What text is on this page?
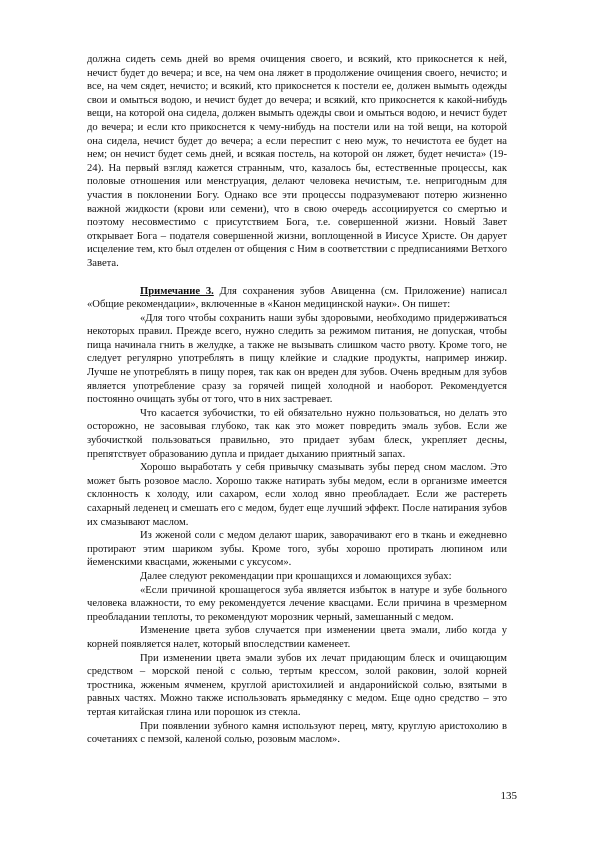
должна сидеть семь дней во время очищения своего, и всякий, кто прикоснется к ней, нечист будет до вечера; и все, на чем она ляжет в продолжение очищения своего, нечисто; и все, на чем сядет, нечисто; и всякий, кто прикоснется к постели ее, должен вымыть одежды свои и омыться водою, и нечист будет до вечера; и всякий, кто прикоснется к какой-нибудь вещи, на которой она сидела, должен вымыть одежды свои и омыться водою, и нечист будет до вечера; и если кто прикоснется к чему-нибудь на постели или на той вещи, на которой она сидела, нечист будет до вечера; а если переспит с нею муж, то нечистота ее будет на нем; он нечист будет семь дней, и всякая постель, на которой он ляжет, будет нечиста» (19-24). На первый взгляд кажется странным, что, казалось бы, естественные процессы, как половые отношения или менструация, делают человека нечистым, т.е. непригодным для участия в поклонении Богу. Однако все эти процессы подразумевают потерю жизненно важной жидкости (крови или семени), что в свою очередь ассоциируется со смертью и поэтому несовместимо с присутствием Бога, т.е. совершенной жизни. Новый Завет открывает Бога – подателя совершенной жизни, воплощенной в Иисусе Христе. Он дарует исцеление тем, кто был отделен от общения с Ним в соответствии с предписаниями Ветхого Завета.

Примечание 3. Для сохранения зубов Авиценна (см. Приложение) написал «Общие рекомендации», включенные в «Канон медицинской науки». Он пишет:

«Для того чтобы сохранить наши зубы здоровыми, необходимо придерживаться некоторых правил. Прежде всего, нужно следить за режимом питания, не допуская, чтобы пища начинала гнить в желудке, а также не вызывать слишком часто рвоту. Кроме того, не следует регулярно употреблять в пищу клейкие и сладкие продукты, например инжир. Лучше не употреблять в пищу порея, так как он вреден для зубов. Очень вредным для зубов является употребление сразу за горячей пищей холодной и наоборот. Рекомендуется постоянно очищать зубы от того, что в них застревает.

Что касается зубочистки, то ей обязательно нужно пользоваться, но делать это осторожно, не засовывая глубоко, так как это может повредить эмаль зубов. Если же зубочисткой пользоваться правильно, это придает зубам блеск, укрепляет десны, препятствует образованию дупла и придает дыханию приятный запах.

Хорошо выработать у себя привычку смазывать зубы перед сном маслом. Это может быть розовое масло. Хорошо также натирать зубы медом, если в организме имеется склонность к холоду, или сахаром, если холод явно преобладает. Если же растереть сахарный леденец и смешать его с медом, будет еще лучший эффект. После натирания зубов их смазывают маслом.

Из жженой соли с медом делают шарик, заворачивают его в ткань и ежедневно протирают этим шариком зубы. Кроме того, зубы хорошо протирать люпином или йеменскими квасцами, жжеными с уксусом».

Далее следуют рекомендации при крошащихся и ломающихся зубах:

«Если причиной крошащегося зуба является избыток в натуре и зубе больного человека влажности, то ему рекомендуется лечение квасцами. Если причина в чрезмерном преобладании теплоты, то рекомендуют морозник черный, замешанный с медом.

Изменение цвета зубов случается при изменении цвета эмали, либо когда у корней появляется налет, который впоследствии каменеет.

При изменении цвета эмали зубов их лечат придающим блеск и очищающим средством – морской пеной с солью, тертым крессом, золой раковин, золой корней тростника, жженым ячменем, круглой аристохилией и андаронийской солью, взятыми в равных частях. Можно также использовать ярьмедянку с медом. Еще одно средство – это тертая китайская глина или порошок из стекла.

При появлении зубного камня используют перец, мяту, круглую аристохолию в сочетаниях с пемзой, каленой солью, розовым маслом».

135
